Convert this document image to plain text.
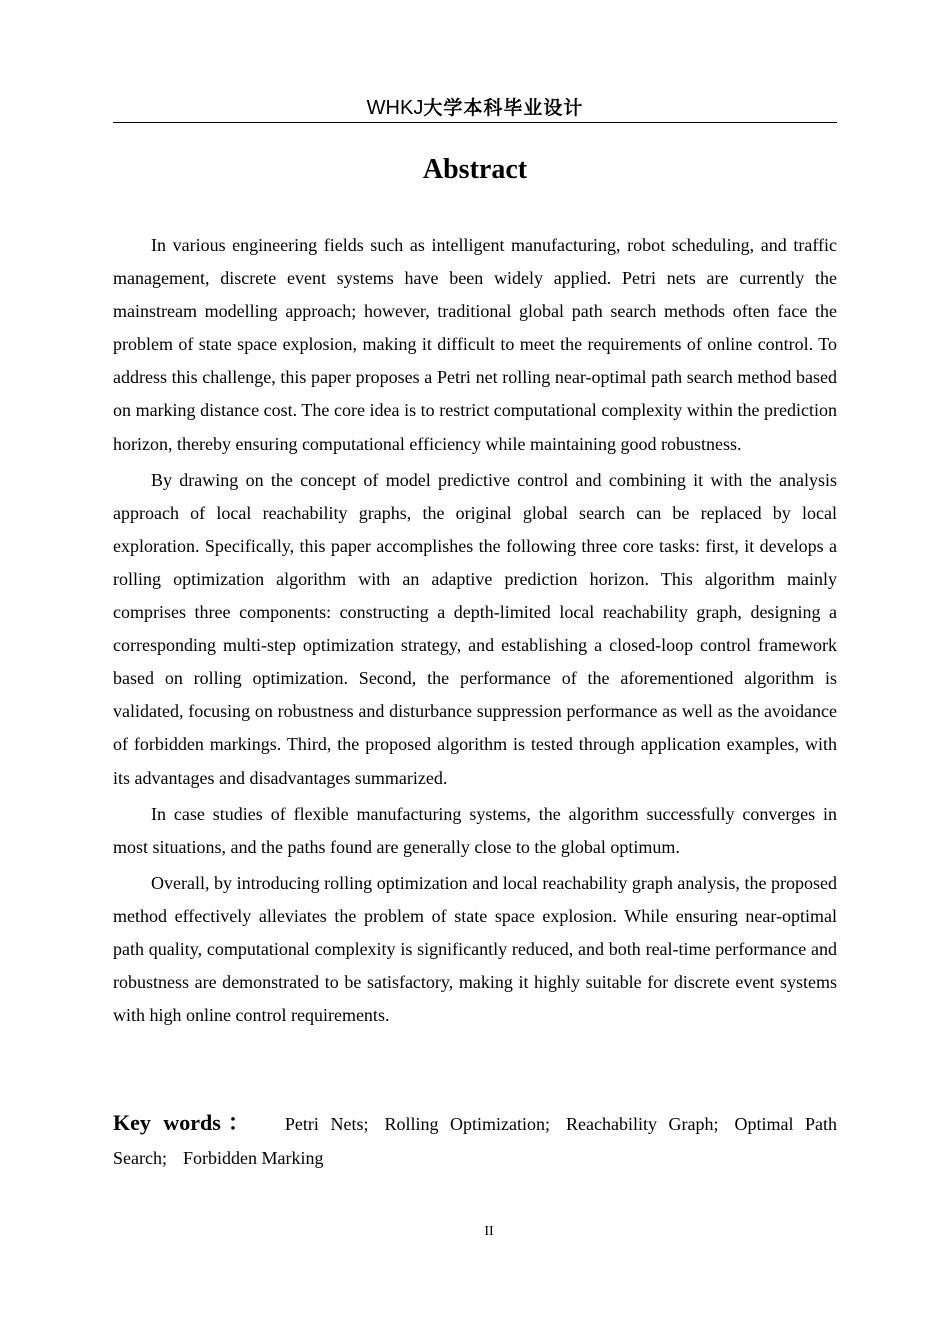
WHKJ大学本科毕业设计
Abstract

In various engineering fields such as intelligent manufacturing, robot scheduling, and traffic management, discrete event systems have been widely applied. Petri nets are currently the mainstream modelling approach; however, traditional global path search methods often face the problem of state space explosion, making it difficult to meet the requirements of online control. To address this challenge, this paper proposes a Petri net rolling near-optimal path search method based on marking distance cost. The core idea is to restrict computational complexity within the prediction horizon, thereby ensuring computational efficiency while maintaining good robustness.

By drawing on the concept of model predictive control and combining it with the analysis approach of local reachability graphs, the original global search can be replaced by local exploration. Specifically, this paper accomplishes the following three core tasks: first, it develops a rolling optimization algorithm with an adaptive prediction horizon. This algorithm mainly comprises three components: constructing a depth-limited local reachability graph, designing a corresponding multi-step optimization strategy, and establishing a closed-loop control framework based on rolling optimization. Second, the performance of the aforementioned algorithm is validated, focusing on robustness and disturbance suppression performance as well as the avoidance of forbidden markings. Third, the proposed algorithm is tested through application examples, with its advantages and disadvantages summarized.

In case studies of flexible manufacturing systems, the algorithm successfully converges in most situations, and the paths found are generally close to the global optimum.

Overall, by introducing rolling optimization and local reachability graph analysis, the proposed method effectively alleviates the problem of state space explosion. While ensuring near-optimal path quality, computational complexity is significantly reduced, and both real-time performance and robustness are demonstrated to be satisfactory, making it highly suitable for discrete event systems with high online control requirements.

Key words： Petri Nets; Rolling Optimization; Reachability Graph; Optimal Path Search; Forbidden Marking
II
